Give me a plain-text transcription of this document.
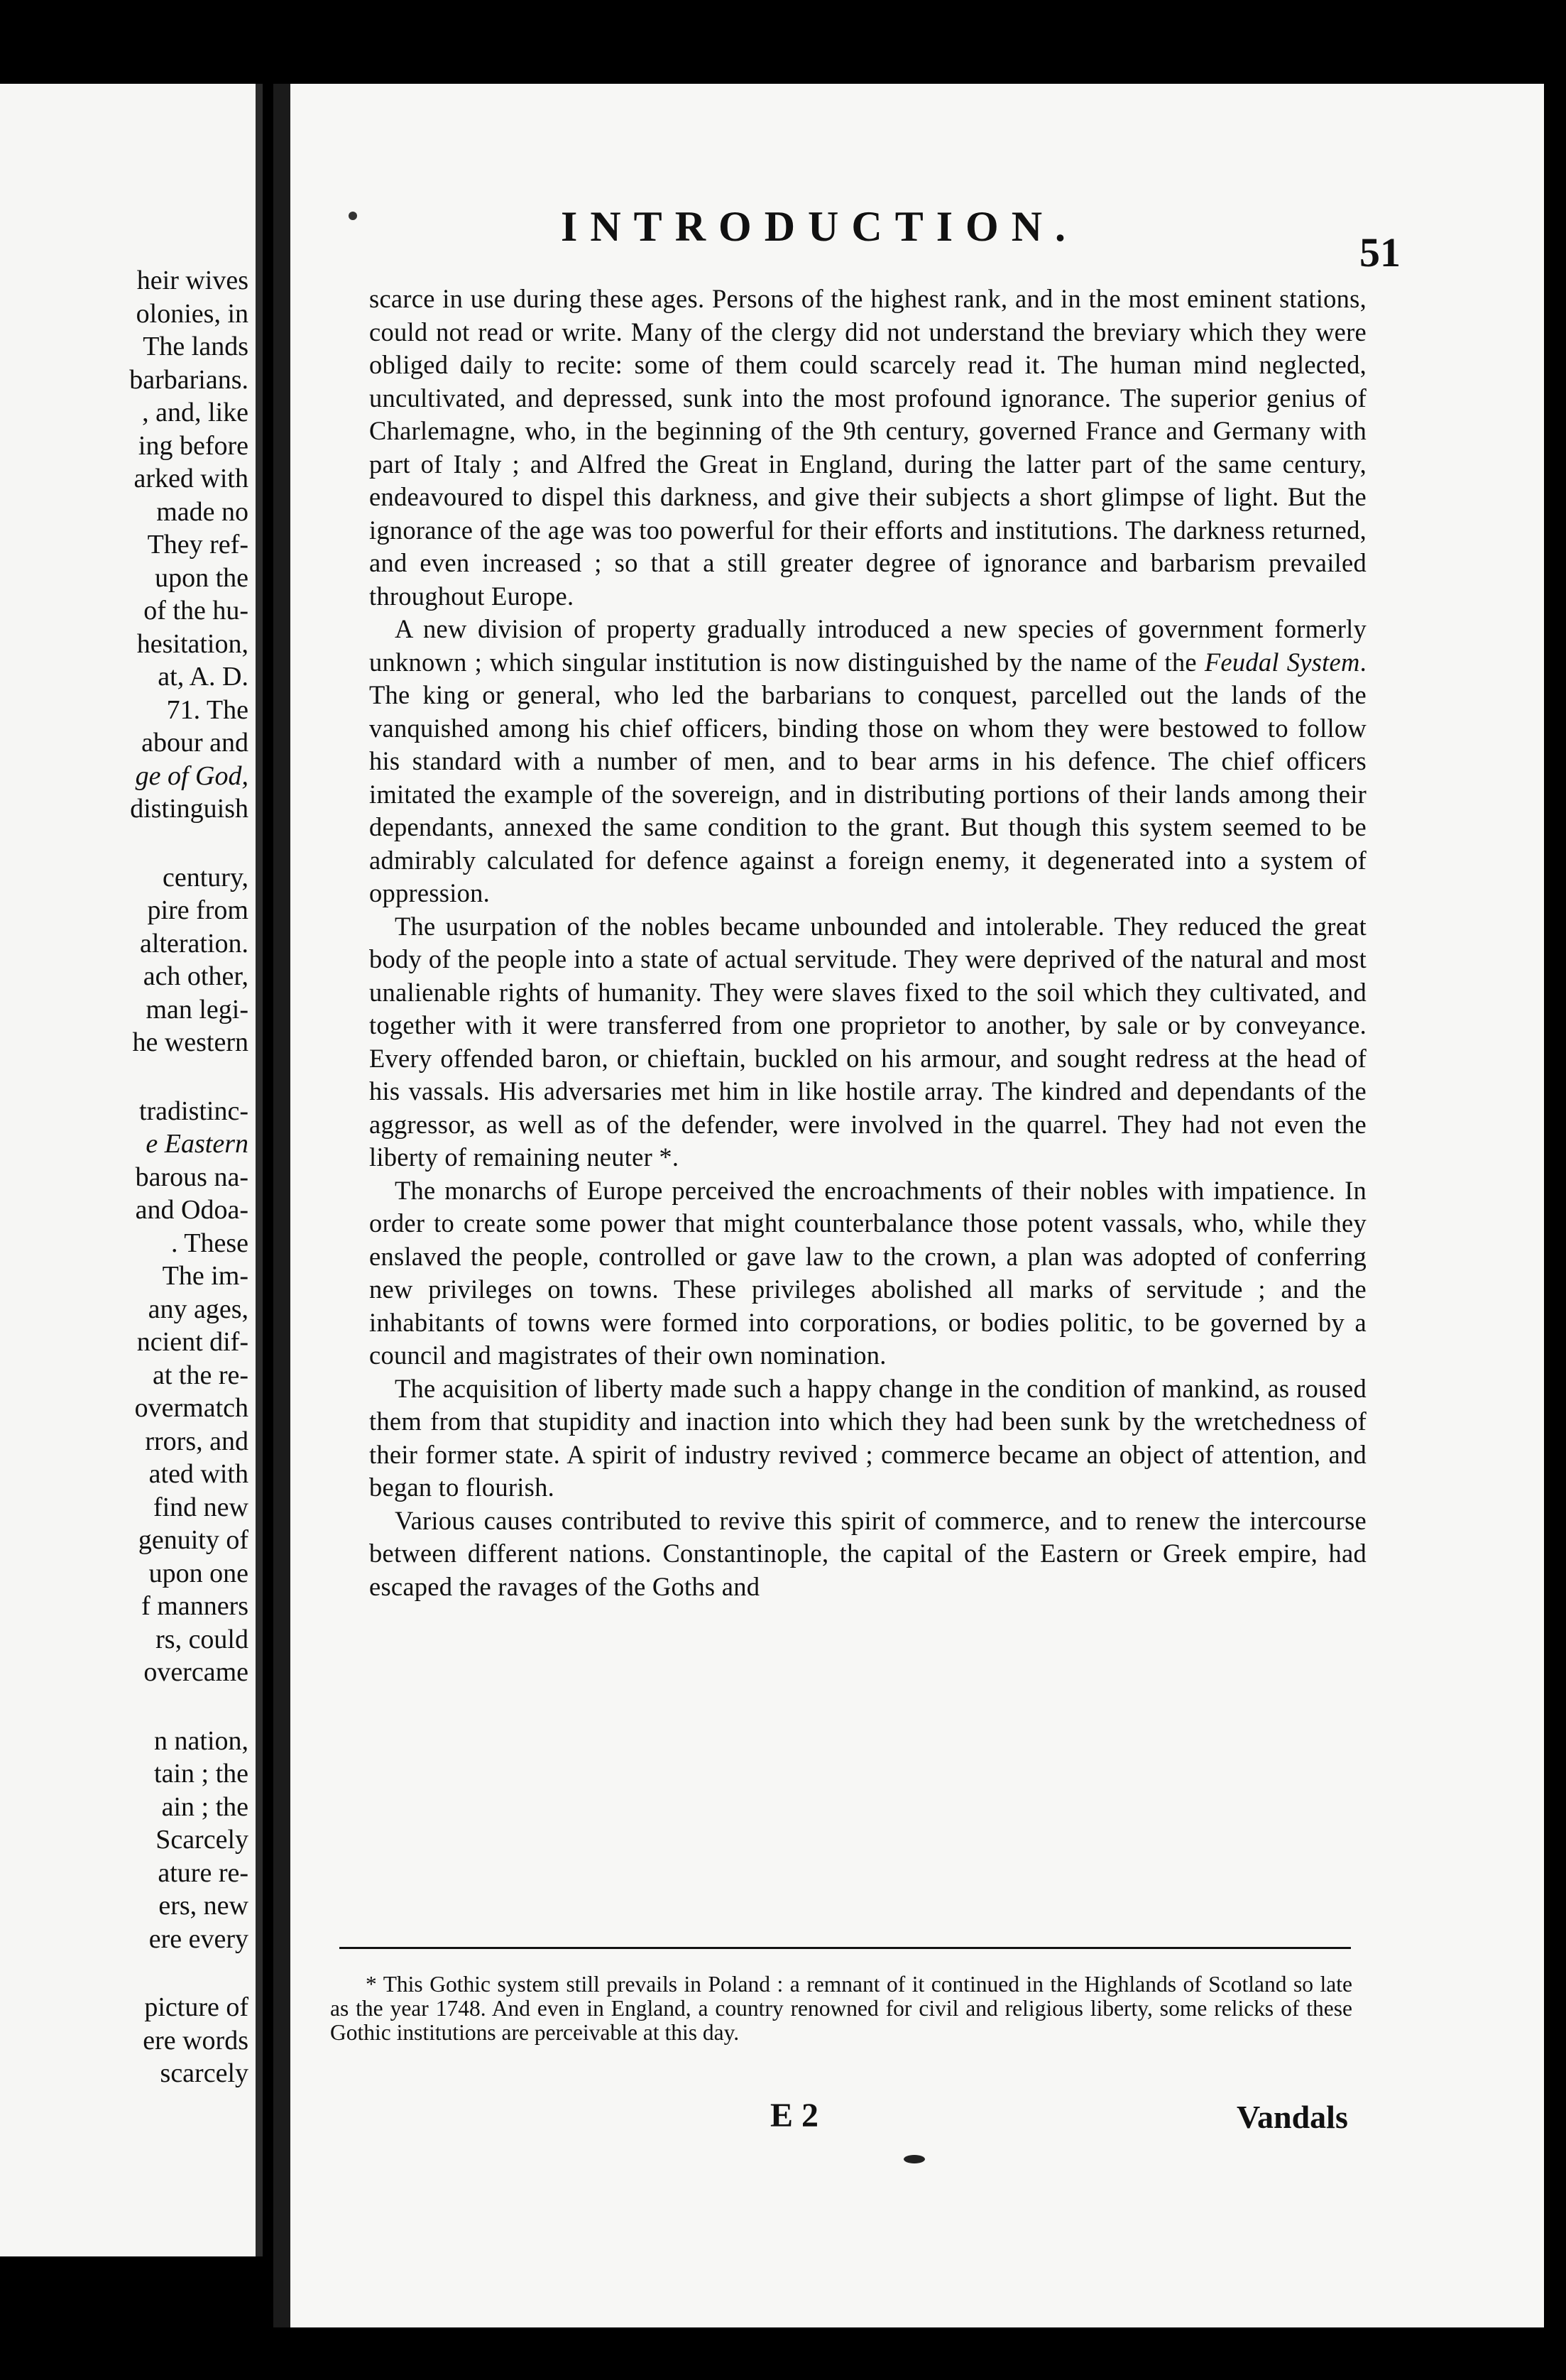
heir wives
olonies, in
The lands
barbarians.
, and, like
ing before
arked with
made no
They ref-
upon the
of the hu-
hesitation,
at, A. D.
71. The
abour and
ge of God,
distinguish
century,
pire from
alteration.
ach other,
man legi-
he western
tradistinc-
e Eastern
barous na-
and Odoa-
. These
The im-
any ages,
ncient dif-
at the re-
overmatch
rrors, and
ated with
find new
genuity of
upon one
f manners
rs, could
overcame
n nation,
tain ; the
ain ; the
Scarcely
ature re-
ers, new
ere every
picture of
ere words
scarcely
INTRODUCTION.
51

scarce in use during these ages. Persons of the highest rank, and in the most eminent stations, could not read or write. Many of the clergy did not understand the breviary which they were obliged daily to recite: some of them could scarcely read it. The human mind neglected, uncultivated, and depressed, sunk into the most profound ignorance. The superior genius of Charlemagne, who, in the beginning of the 9th century, governed France and Germany with part of Italy ; and Alfred the Great in England, during the latter part of the same century, endeavoured to dispel this darkness, and give their subjects a short glimpse of light. But the ignorance of the age was too powerful for their efforts and institutions. The darkness returned, and even increased ; so that a still greater degree of ignorance and barbarism prevailed throughout Europe.

A new division of property gradually introduced a new species of government formerly unknown ; which singular institution is now distinguished by the name of the Feudal System. The king or general, who led the barbarians to conquest, parcelled out the lands of the vanquished among his chief officers, binding those on whom they were bestowed to follow his standard with a number of men, and to bear arms in his defence. The chief officers imitated the example of the sovereign, and in distributing portions of their lands among their dependants, annexed the same condition to the grant. But though this system seemed to be admirably calculated for defence against a foreign enemy, it degenerated into a system of oppression.

The usurpation of the nobles became unbounded and intolerable. They reduced the great body of the people into a state of actual servitude. They were deprived of the natural and most unalienable rights of humanity. They were slaves fixed to the soil which they cultivated, and together with it were transferred from one proprietor to another, by sale or by conveyance. Every offended baron, or chieftain, buckled on his armour, and sought redress at the head of his vassals. His adversaries met him in like hostile array. The kindred and dependants of the aggressor, as well as of the defender, were involved in the quarrel. They had not even the liberty of remaining neuter *.

The monarchs of Europe perceived the encroachments of their nobles with impatience. In order to create some power that might counterbalance those potent vassals, who, while they enslaved the people, controlled or gave law to the crown, a plan was adopted of conferring new privileges on towns. These privileges abolished all marks of servitude ; and the inhabitants of towns were formed into corporations, or bodies politic, to be governed by a council and magistrates of their own nomination.

The acquisition of liberty made such a happy change in the condition of mankind, as roused them from that stupidity and inaction into which they had been sunk by the wretchedness of their former state. A spirit of industry revived ; commerce became an object of attention, and began to flourish.

Various causes contributed to revive this spirit of commerce, and to renew the intercourse between different nations. Constantinople, the capital of the Eastern or Greek empire, had escaped the ravages of the Goths and

* This Gothic system still prevails in Poland : a remnant of it continued in the Highlands of Scotland so late as the year 1748. And even in England, a country renowned for civil and religious liberty, some relicks of these Gothic institutions are perceivable at this day.

E 2	Vandals
